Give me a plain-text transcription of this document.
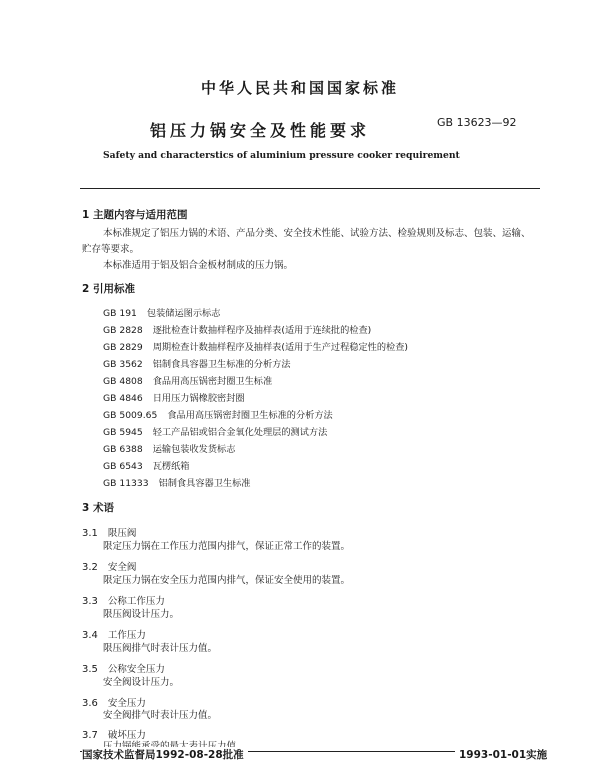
中华人民共和国国家标准
铝压力锅安全及性能要求	GB 13623—92
Safety and characterstics of aluminium pressure cooker requirement
1 主题内容与适用范围
本标准规定了铝压力锅的术语、产品分类、安全技术性能、试验方法、检验规则及标志、包装、运输、
贮存等要求。
本标准适用于铝及铝合金板材制成的压力锅。
2 引用标准
GB 191 包装储运图示标志
GB 2828 逐批检查计数抽样程序及抽样表(适用于连续批的检查)
GB 2829 周期检查计数抽样程序及抽样表(适用于生产过程稳定性的检查)
GB 3562 铝制食具容器卫生标准的分析方法
GB 4808 食品用高压锅密封圈卫生标准
GB 4846 日用压力锅橡胶密封圈
GB 5009.65 食品用高压锅密封圈卫生标准的分析方法
GB 5945 轻工产品铝或铝合金氧化处理层的测试方法
GB 6388 运输包装收发货标志
GB 6543 瓦楞纸箱
GB 11333 铝制食具容器卫生标准
3 术语
3.1 限压阀
限定压力锅在工作压力范围内排气，保证正常工作的装置。
3.2 安全阀
限定压力锅在安全压力范围内排气，保证安全使用的装置。
3.3 公称工作压力
限压阀设计压力。
3.4 工作压力
限压阀排气时表计压力值。
3.5 公称安全压力
安全阀设计压力。
3.6 安全压力
安全阀排气时表计压力值。
3.7 破坏压力
国家技术监督局1992-08-28批准	1993-01-01实施
